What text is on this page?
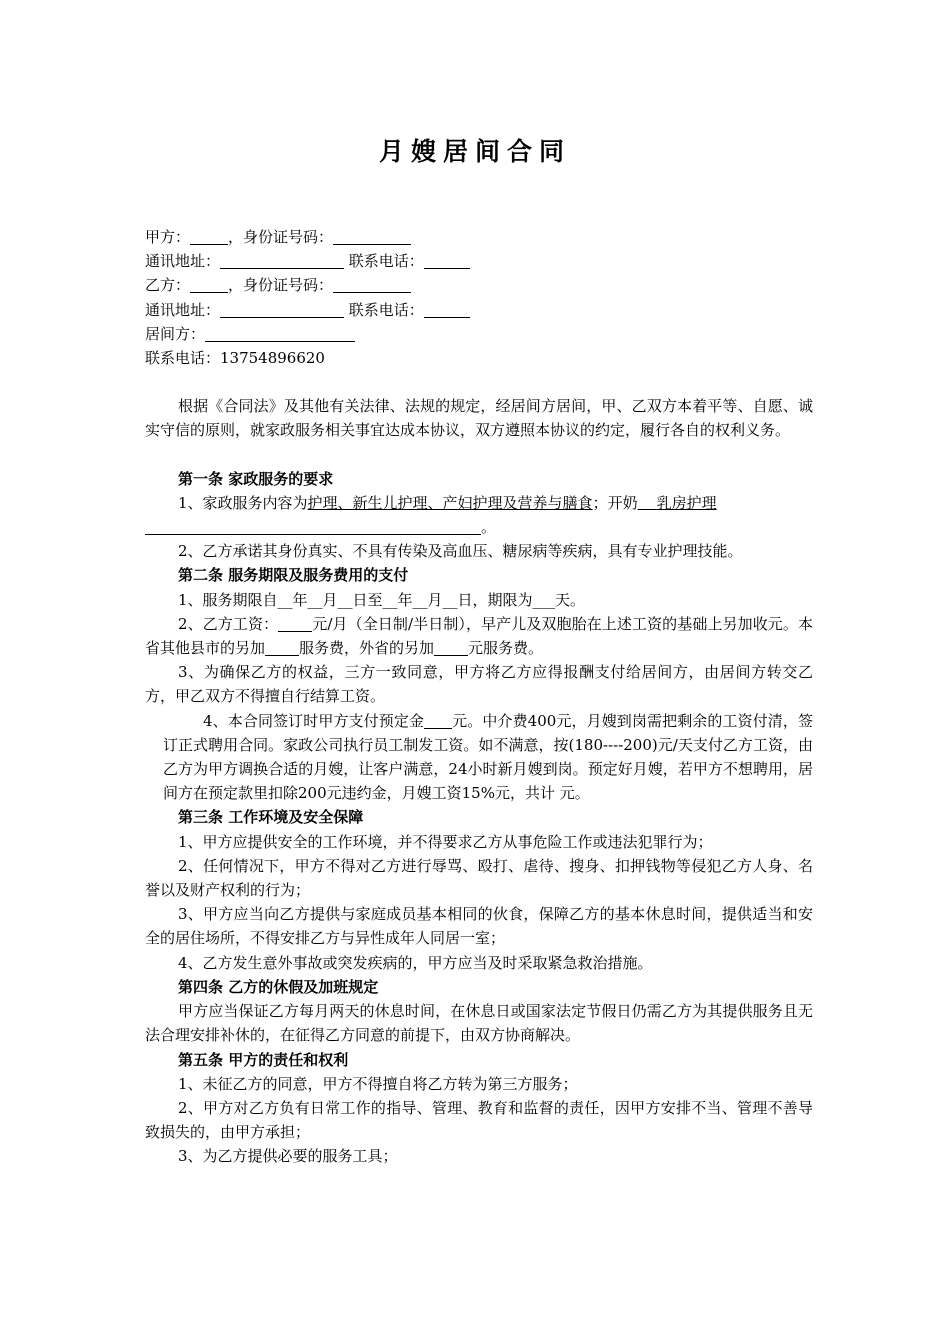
月嫂居间合同
甲方：	，身份证号码：
通讯地址：	联系电话：
乙方：	，身份证号码：
通讯地址：	联系电话：
居间方：
联系电话：13754896620
根据《合同法》及其他有关法律、法规的规定，经居间方居间，甲、乙双方本着平等、自愿、诚实守信的原则，就家政服务相关事宜达成本协议，双方遵照本协议的约定，履行各自的权利义务。
第一条 家政服务的要求
1、家政服务内容为护理、新生儿护理、产妇护理及营养与膳食；开奶 乳房护理
。
2、乙方承诺其身份真实、不具有传染及高血压、糖尿病等疾病，具有专业护理技能。
第二条 服务期限及服务费用的支付
1、服务期限自__年__月__日至__年__月__日，期限为___天。
2、乙方工资： 元/月（全日制/半日制），早产儿及双胞胎在上述工资的基础上另加收元。本省其他县市的另加 服务费，外省的另加 元服务费。
3、为确保乙方的权益，三方一致同意，甲方将乙方应得报酬支付给居间方，由居间方转交乙方，甲乙双方不得擅自行结算工资。
4、本合同签订时甲方支付预定金 元。中介费400元，月嫂到岗需把剩余的工资付清，签订正式聘用合同。家政公司执行员工制发工资。如不满意，按(180----200)元/天支付乙方工资，由乙方为甲方调换合适的月嫂，让客户满意，24小时新月嫂到岗。预定好月嫂，若甲方不想聘用，居间方在预定款里扣除200元违约金，月嫂工资15%元，共计 元。
第三条 工作环境及安全保障
1、甲方应提供安全的工作环境，并不得要求乙方从事危险工作或违法犯罪行为；
2、任何情况下，甲方不得对乙方进行辱骂、殴打、虐待、搜身、扣押钱物等侵犯乙方人身、名誉以及财产权利的行为；
3、甲方应当向乙方提供与家庭成员基本相同的伙食，保障乙方的基本休息时间，提供适当和安全的居住场所，不得安排乙方与异性成年人同居一室；
4、乙方发生意外事故或突发疾病的，甲方应当及时采取紧急救治措施。
第四条 乙方的休假及加班规定
甲方应当保证乙方每月两天的休息时间，在休息日或国家法定节假日仍需乙方为其提供服务且无法合理安排补休的，在征得乙方同意的前提下，由双方协商解决。
第五条 甲方的责任和权利
1、未征乙方的同意，甲方不得擅自将乙方转为第三方服务；
2、甲方对乙方负有日常工作的指导、管理、教育和监督的责任，因甲方安排不当、管理不善导致损失的，由甲方承担；
3、为乙方提供必要的服务工具；
